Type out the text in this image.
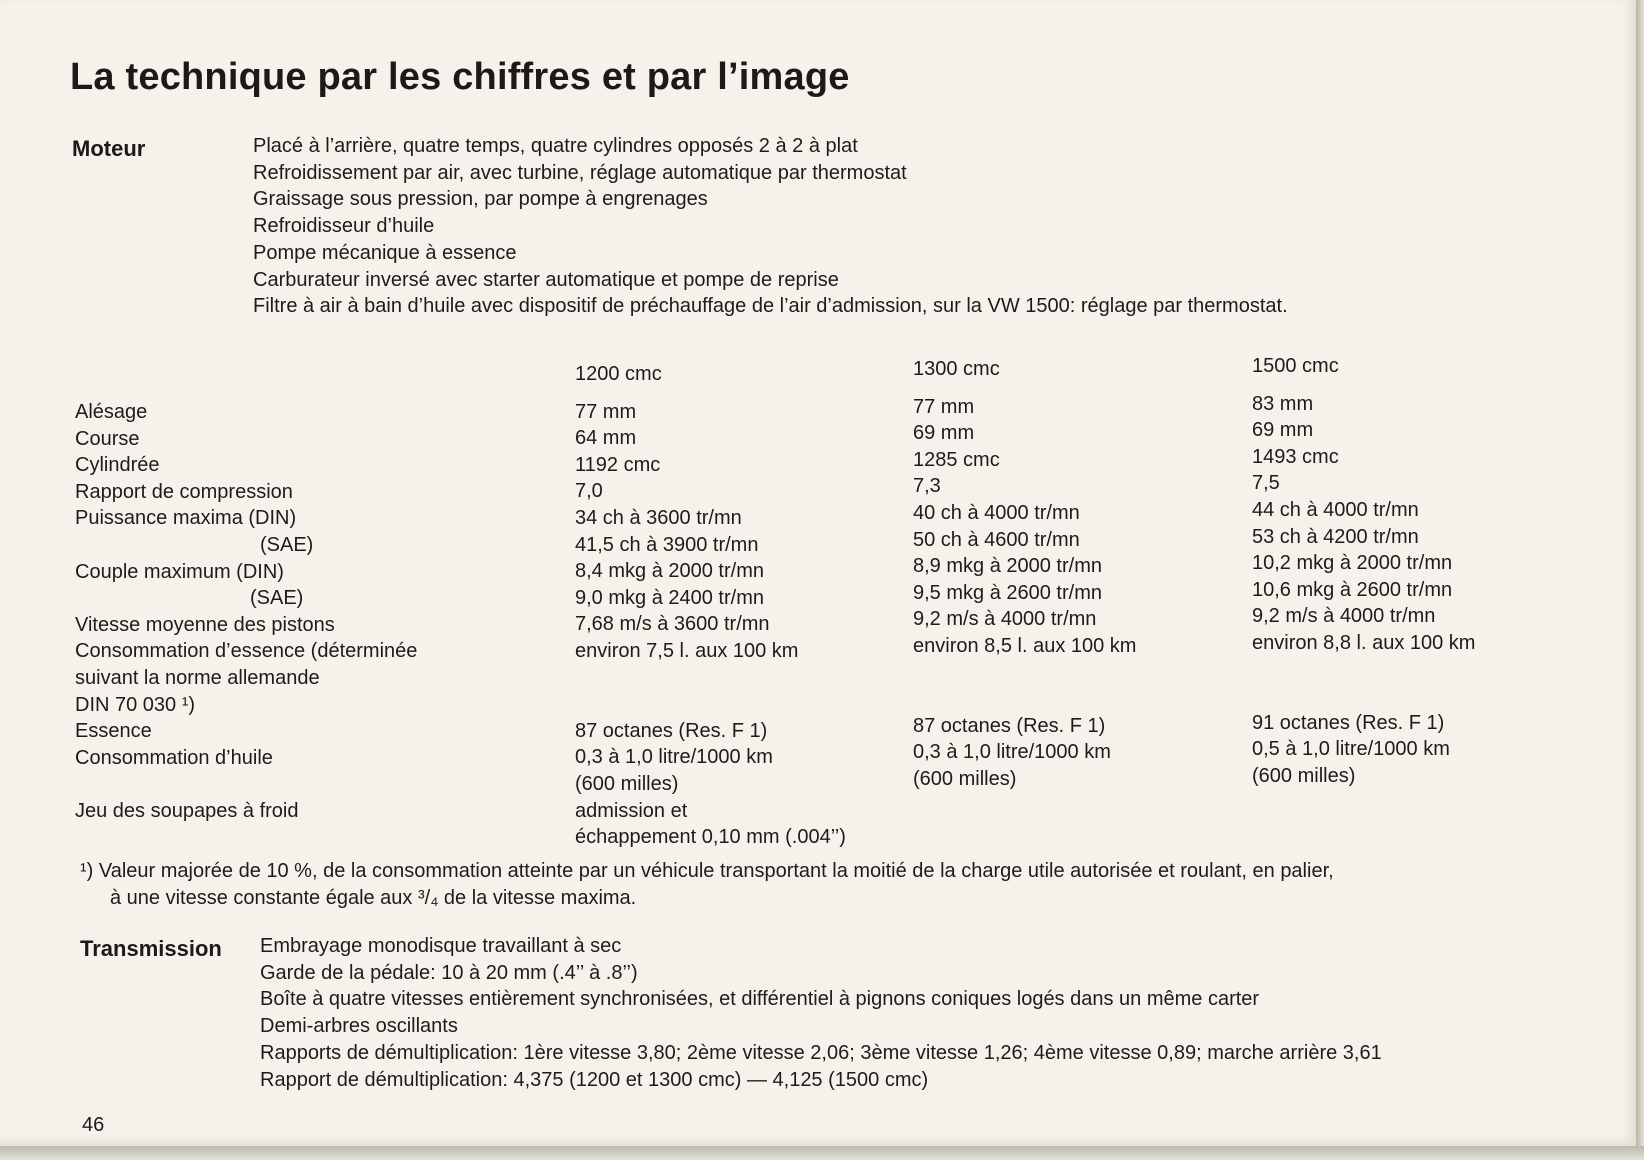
La technique par les chiffres et par l’image
Moteur	Placé à l’arrière, quatre temps, quatre cylindres opposés 2 à 2 à plat
Refroidissement par air, avec turbine, réglage automatique par thermostat
Graissage sous pression, par pompe à engrenages
Refroidisseur d’huile
Pompe mécanique à essence
Carburateur inversé avec starter automatique et pompe de reprise
Filtre à air à bain d’huile avec dispositif de préchauffage de l’air d’admission, sur la VW 1500: réglage par thermostat.
Alésage
Course
Cylindrée
Rapport de compression
Puissance maxima (DIN)
(SAE)
Couple maximum (DIN)
(SAE)
Vitesse moyenne des pistons
Consommation d’essence (déterminée
suivant la norme allemande
DIN 70 030 ¹)
Essence
Consommation d’huile
Jeu des soupapes à froid
1200 cmc
77 mm
64 mm
1192 cmc
7,0
34 ch à 3600 tr/mn
41,5 ch à 3900 tr/mn
8,4 mkg à 2000 tr/mn
9,0 mkg à 2400 tr/mn
7,68 m/s à 3600 tr/mn
environ 7,5 l. aux 100 km
87 octanes (Res. F 1)
0,3 à 1,0 litre/1000 km
(600 milles)
admission et
échappement 0,10 mm (.004’’)
1300 cmc
77 mm
69 mm
1285 cmc
7,3
40 ch à 4000 tr/mn
50 ch à 4600 tr/mn
8,9 mkg à 2000 tr/mn
9,5 mkg à 2600 tr/mn
9,2 m/s à 4000 tr/mn
environ 8,5 l. aux 100 km
87 octanes (Res. F 1)
0,3 à 1,0 litre/1000 km
(600 milles)
1500 cmc
83 mm
69 mm
1493 cmc
7,5
44 ch à 4000 tr/mn
53 ch à 4200 tr/mn
10,2 mkg à 2000 tr/mn
10,6 mkg à 2600 tr/mn
9,2 m/s à 4000 tr/mn
environ 8,8 l. aux 100 km
91 octanes (Res. F 1)
0,5 à 1,0 litre/1000 km
(600 milles)
¹) Valeur majorée de 10 %, de la consommation atteinte par un véhicule transportant la moitié de la charge utile autorisée et roulant, en palier,
à une vitesse constante égale aux ³/₄ de la vitesse maxima.
Transmission Embrayage monodisque travaillant à sec
Garde de la pédale: 10 à 20 mm (.4’’ à .8’’)
Boîte à quatre vitesses entièrement synchronisées, et différentiel à pignons coniques logés dans un même carter
Demi-arbres oscillants
Rapports de démultiplication: 1ère vitesse 3,80; 2ème vitesse 2,06; 3ème vitesse 1,26; 4ème vitesse 0,89; marche arrière 3,61
Rapport de démultiplication: 4,375 (1200 et 1300 cmc) — 4,125 (1500 cmc)
46
